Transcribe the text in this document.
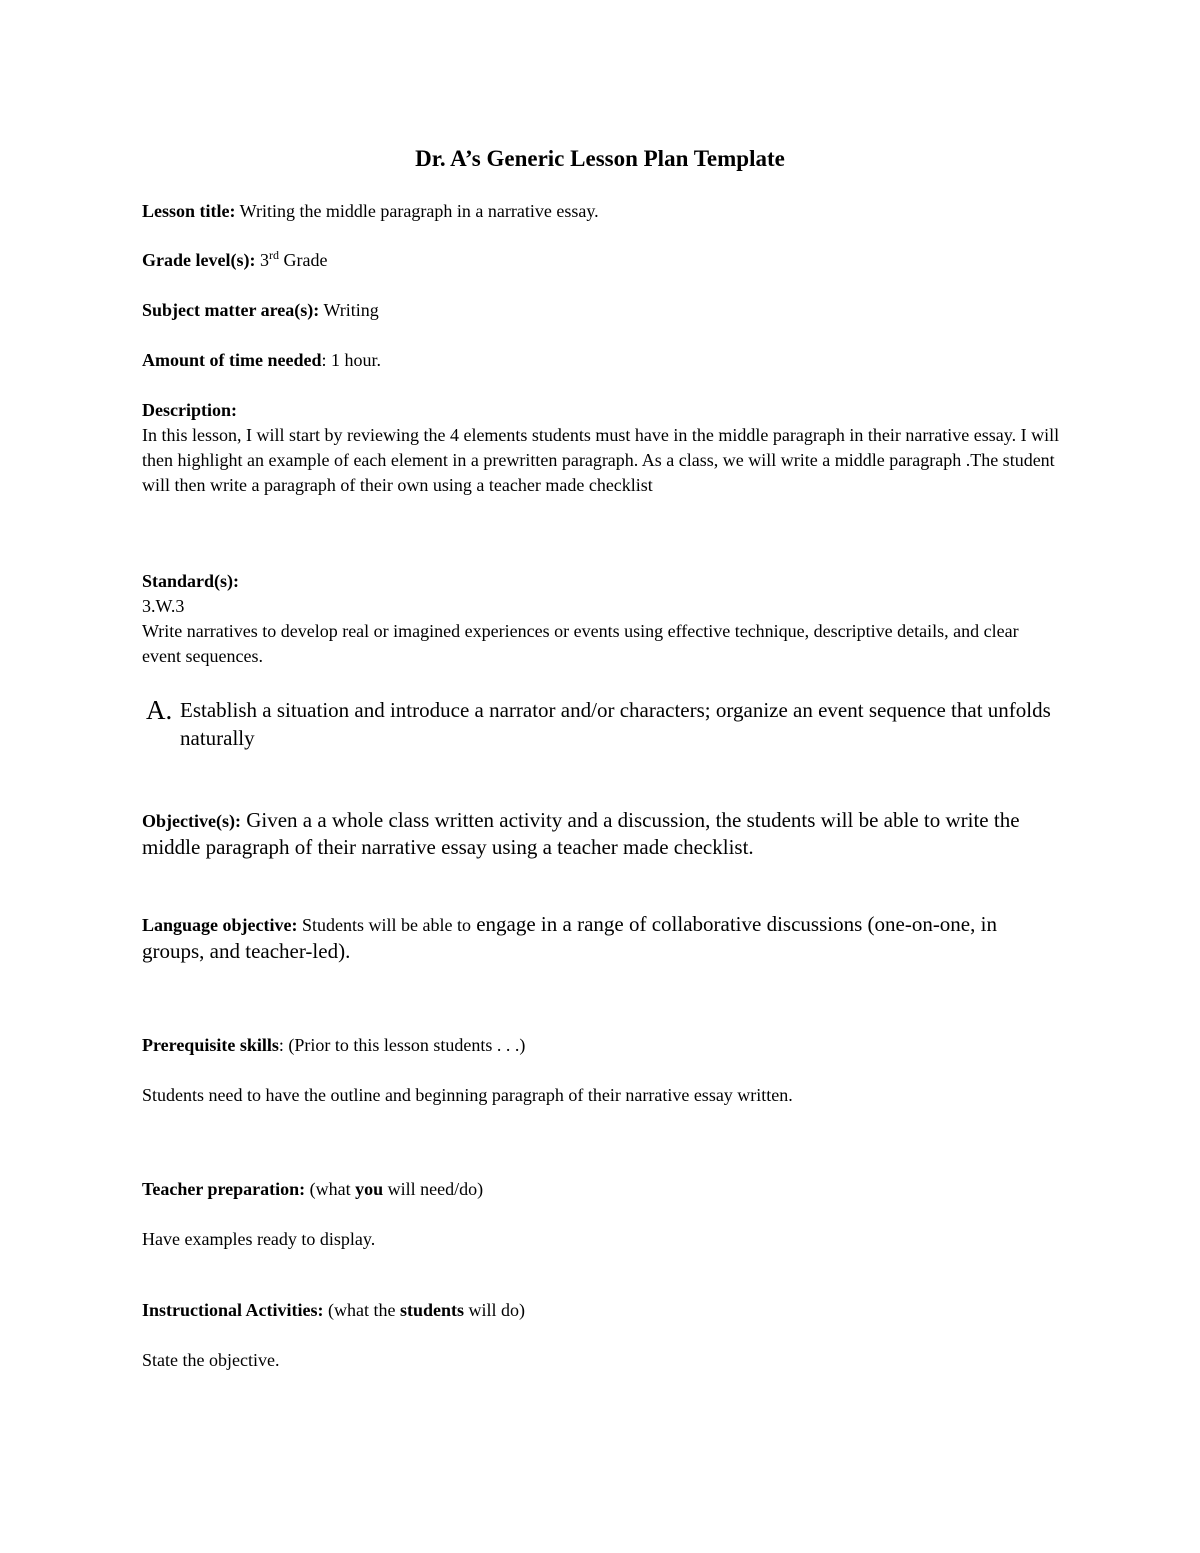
Dr. A’s Generic Lesson Plan Template
Lesson title: Writing the middle paragraph in a narrative essay.
Grade level(s): 3rd Grade
Subject matter area(s): Writing
Amount of time needed: 1 hour.
Description:
In this lesson, I will start by reviewing the 4 elements students must have in the middle paragraph in their narrative essay. I will then highlight an example of each element in a prewritten paragraph. As a class, we will write a middle paragraph .The student will then write a paragraph of their own using a teacher made checklist
Standard(s):
3.W.3
Write narratives to develop real or imagined experiences or events using effective technique, descriptive details, and clear event sequences.
A. Establish a situation and introduce a narrator and/or characters; organize an event sequence that unfolds naturally
Objective(s): Given a a whole class written activity and a discussion, the students will be able to write the middle paragraph of their narrative essay using a teacher made checklist.
Language objective: Students will be able to engage in a range of collaborative discussions (one-on-one, in groups, and teacher-led).
Prerequisite skills: (Prior to this lesson students . . .)
Students need to have the outline and beginning paragraph of their narrative essay written.
Teacher preparation: (what you will need/do)
Have examples ready to display.
Instructional Activities: (what the students will do)
State the objective.
